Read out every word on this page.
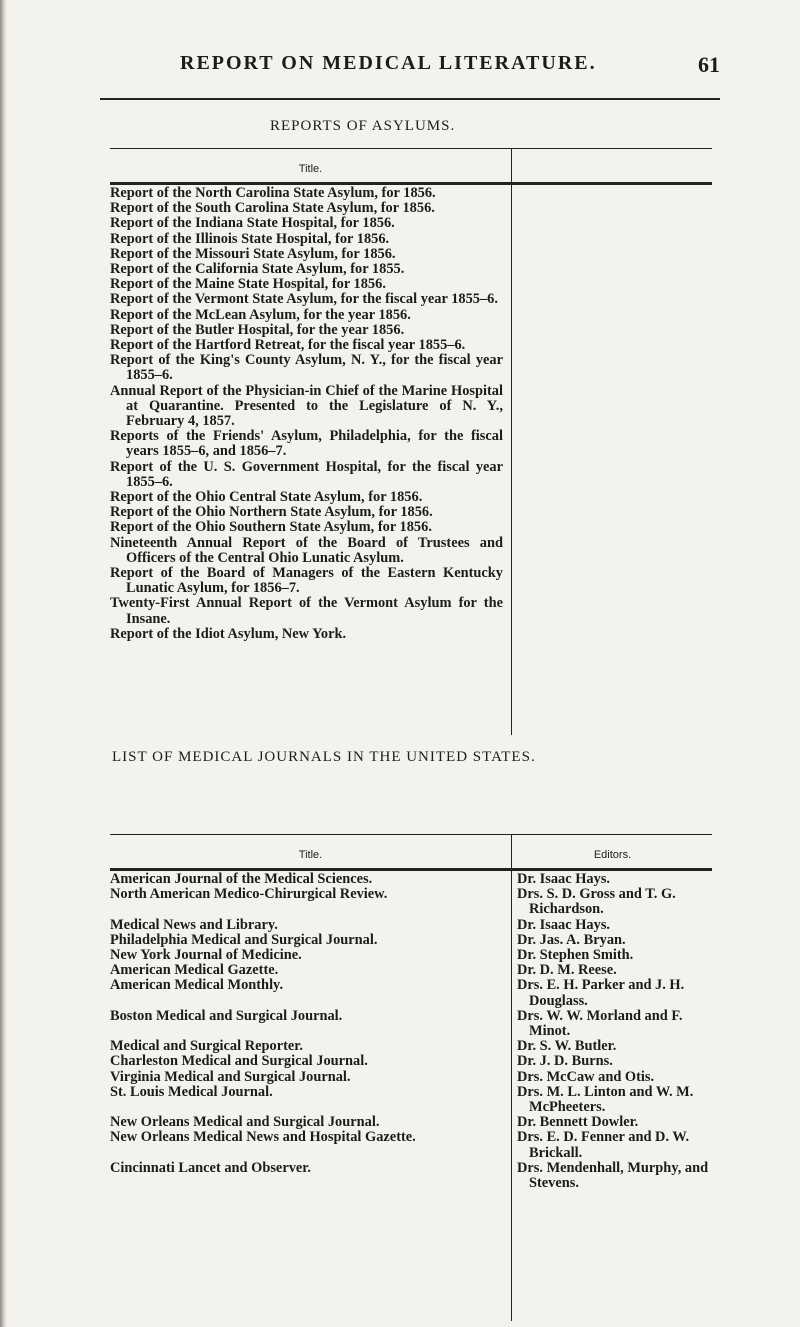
REPORT ON MEDICAL LITERATURE.	61
REPORTS OF ASYLUMS.
Title.
Report of the North Carolina State Asylum, for 1856.
Report of the South Carolina State Asylum, for 1856.
Report of the Indiana State Hospital, for 1856.
Report of the Illinois State Hospital, for 1856.
Report of the Missouri State Asylum, for 1856.
Report of the California State Asylum, for 1855.
Report of the Maine State Hospital, for 1856.
Report of the Vermont State Asylum, for the fiscal year 1855–6.
Report of the McLean Asylum, for the year 1856.
Report of the Butler Hospital, for the year 1856.
Report of the Hartford Retreat, for the fiscal year 1855–6.
Report of the King's County Asylum, N. Y., for the fiscal year 1855–6.
Annual Report of the Physician-in Chief of the Marine Hospital at Quarantine. Presented to the Legislature of N. Y., February 4, 1857.
Reports of the Friends' Asylum, Philadelphia, for the fiscal years 1855–6, and 1856–7.
Report of the U. S. Government Hospital, for the fiscal year 1855–6.
Report of the Ohio Central State Asylum, for 1856.
Report of the Ohio Northern State Asylum, for 1856.
Report of the Ohio Southern State Asylum, for 1856.
Nineteenth Annual Report of the Board of Trustees and Officers of the Central Ohio Lunatic Asylum.
Report of the Board of Managers of the Eastern Kentucky Lunatic Asylum, for 1856–7.
Twenty-First Annual Report of the Vermont Asylum for the Insane.
Report of the Idiot Asylum, New York.
LIST OF MEDICAL JOURNALS IN THE UNITED STATES.
Title.	Editors.
American Journal of the Medical Sciences.	Dr. Isaac Hays.
North American Medico-Chirurgical Review.	Drs. S. D. Gross and T. G. Richardson.
Medical News and Library.	Dr. Isaac Hays.
Philadelphia Medical and Surgical Journal.	Dr. Jas. A. Bryan.
New York Journal of Medicine.	Dr. Stephen Smith.
American Medical Gazette.	Dr. D. M. Reese.
American Medical Monthly.	Drs. E. H. Parker and J. H. Douglass.
Boston Medical and Surgical Journal.	Drs. W. W. Morland and F. Minot.
Medical and Surgical Reporter.	Dr. S. W. Butler.
Charleston Medical and Surgical Journal.	Dr. J. D. Burns.
Virginia Medical and Surgical Journal.	Drs. McCaw and Otis.
St. Louis Medical Journal.	Drs. M. L. Linton and W. M. McPheeters.
New Orleans Medical and Surgical Journal.	Dr. Bennett Dowler.
New Orleans Medical News and Hospital Gazette.	Drs. E. D. Fenner and D. W. Brickall.
Cincinnati Lancet and Observer.	Drs. Mendenhall, Murphy, and Stevens.
